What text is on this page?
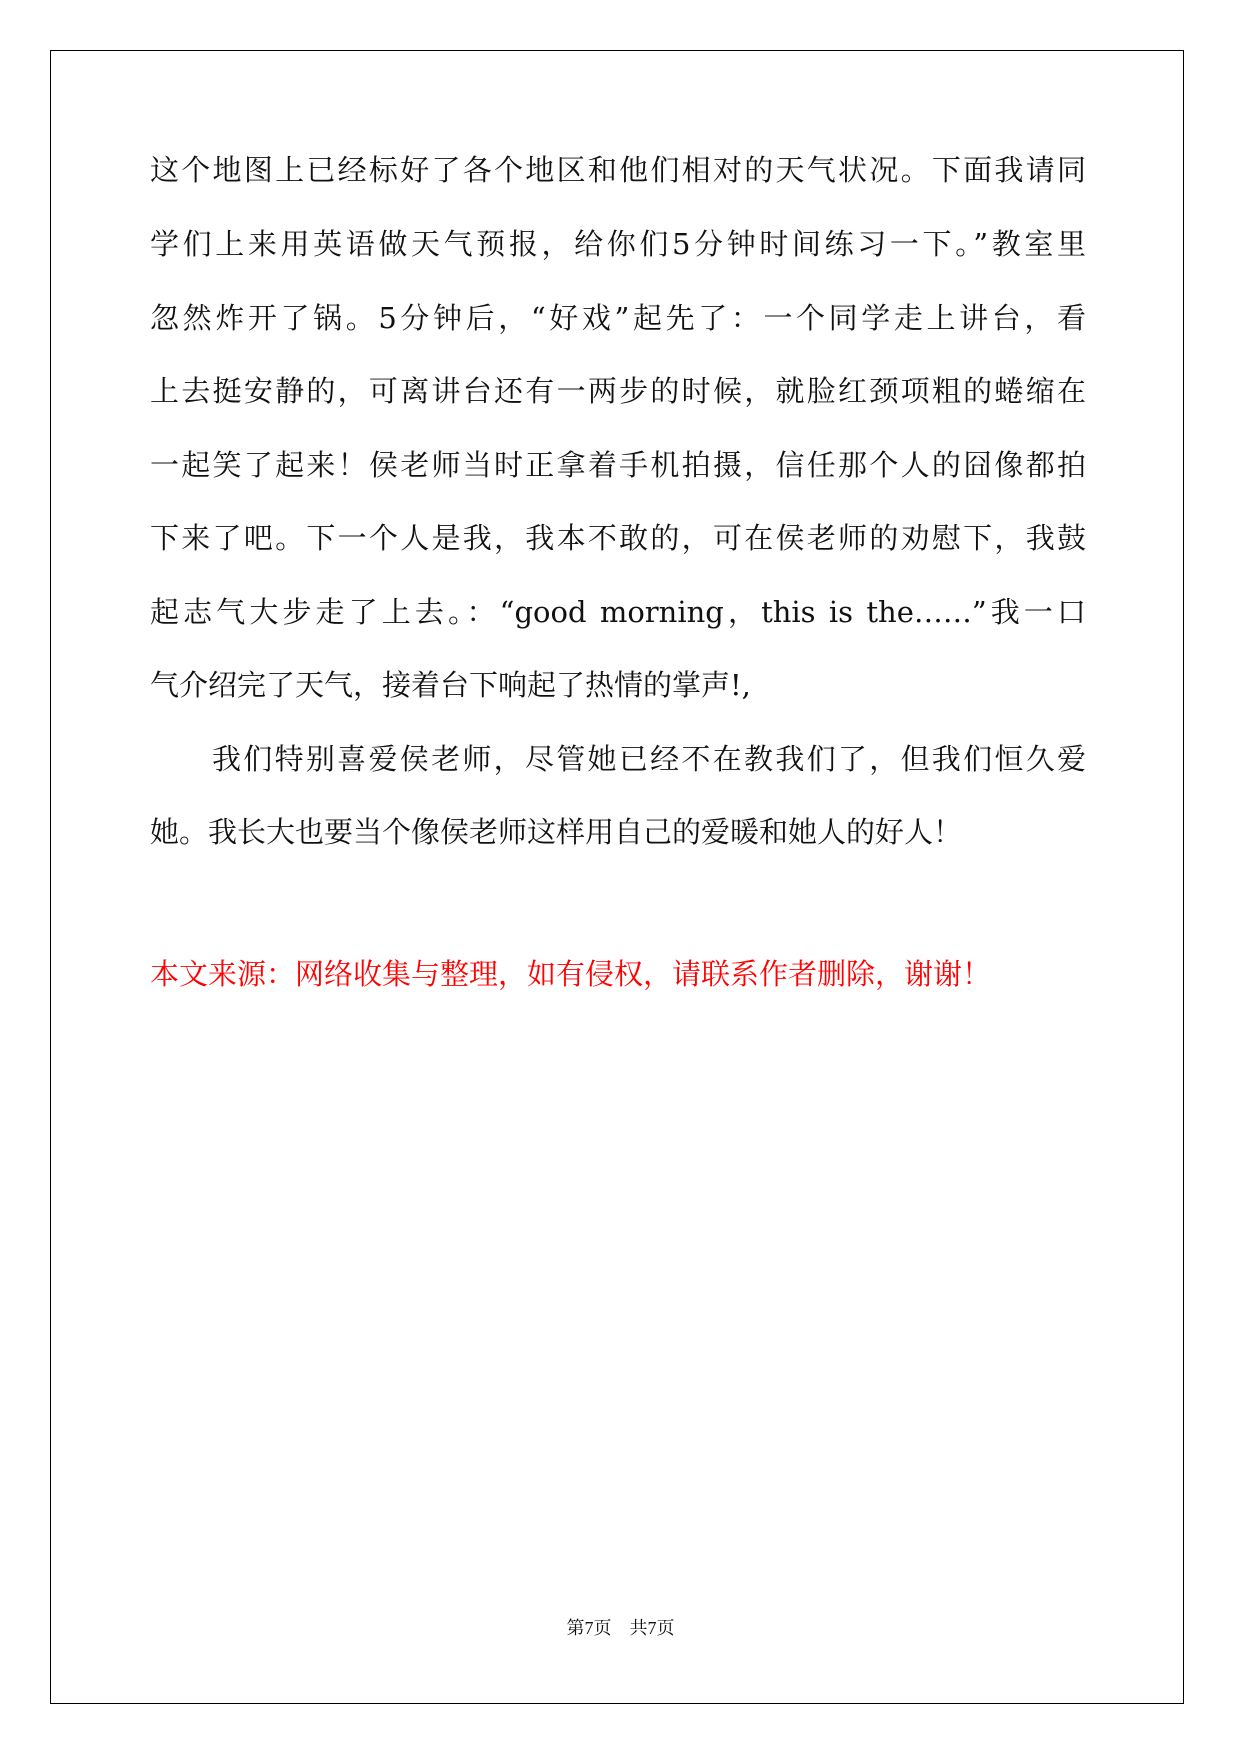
这个地图上已经标好了各个地区和他们相对的天气状况。下面我请同
学们上来用英语做天气预报，给你们5分钟时间练习一下。”教室里
忽然炸开了锅。5分钟后，“好戏”起先了：一个同学走上讲台，看
上去挺安静的，可离讲台还有一两步的时候，就脸红颈项粗的蜷缩在
一起笑了起来！侯老师当时正拿着手机拍摄，信任那个人的囧像都拍
下来了吧。下一个人是我，我本不敢的，可在侯老师的劝慰下，我鼓
起志气大步走了上去。：“good morning，this is the……”我一口
气介绍完了天气，接着台下响起了热情的掌声!,
我们特别喜爱侯老师，尽管她已经不在教我们了，但我们恒久爱
她。我长大也要当个像侯老师这样用自己的爱暖和她人的好人！
本文来源：网络收集与整理，如有侵权，请联系作者删除，谢谢！
第7页　共7页
